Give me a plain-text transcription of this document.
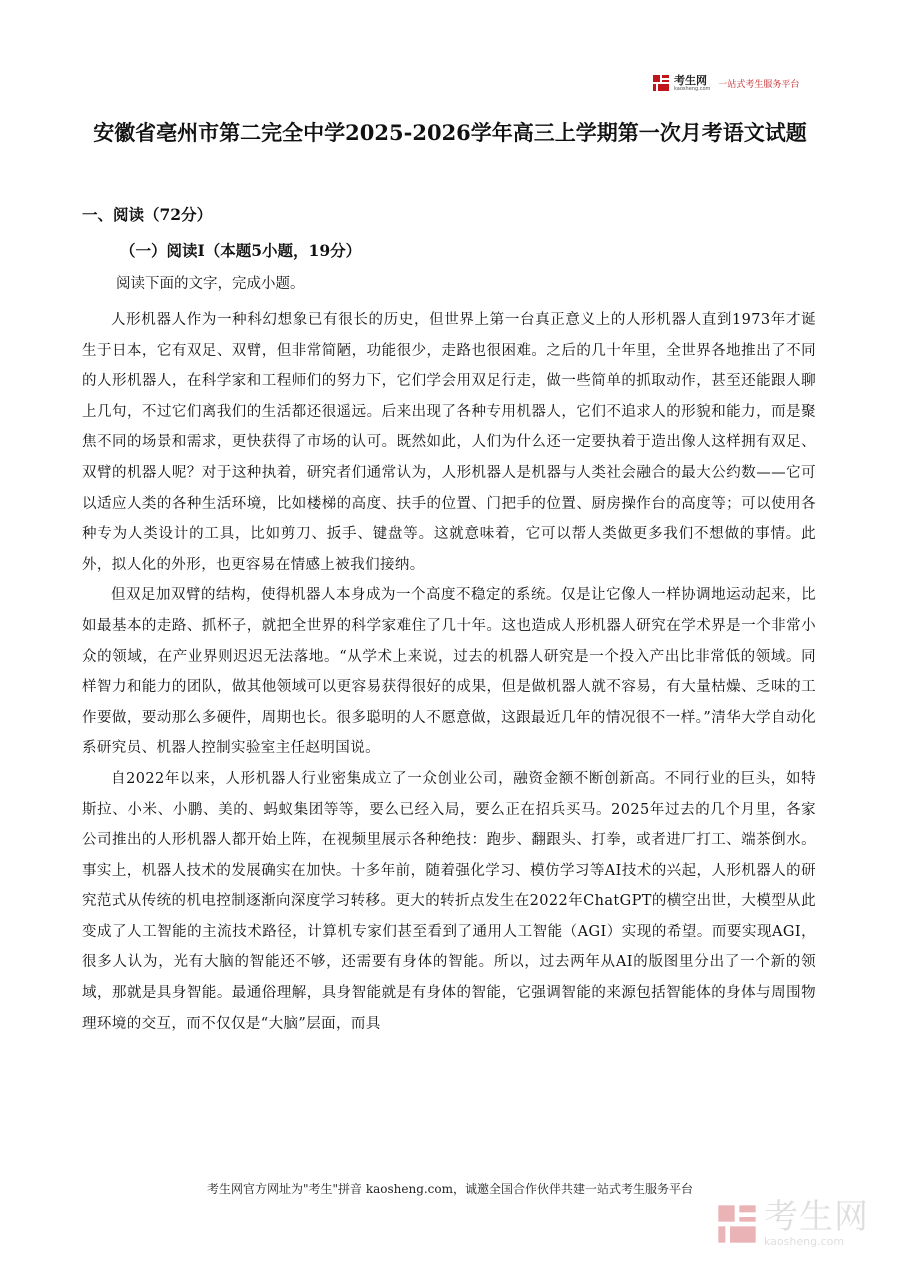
考生网
kaosheng.com 一站式考生服务平台
安徽省亳州市第二完全中学2025-2026学年高三上学期第一次月考语文试题
一、阅读（72分）
（一）阅读Ⅰ（本题5小题，19分）

阅读下面的文字，完成小题。

人形机器人作为一种科幻想象已有很长的历史，但世界上第一台真正意义上的人形机器人直到1973年才诞生于日本，它有双足、双臂，但非常简陋，功能很少，走路也很困难。之后的几十年里，全世界各地推出了不同的人形机器人，在科学家和工程师们的努力下，它们学会用双足行走，做一些简单的抓取动作，甚至还能跟人聊上几句，不过它们离我们的生活都还很遥远。后来出现了各种专用机器人，它们不追求人的形貌和能力，而是聚焦不同的场景和需求，更快获得了市场的认可。既然如此，人们为什么还一定要执着于造出像人这样拥有双足、双臂的机器人呢？对于这种执着，研究者们通常认为，人形机器人是机器与人类社会融合的最大公约数——它可以适应人类的各种生活环境，比如楼梯的高度、扶手的位置、门把手的位置、厨房操作台的高度等；可以使用各种专为人类设计的工具，比如剪刀、扳手、键盘等。这就意味着，它可以帮人类做更多我们不想做的事情。此外，拟人化的外形，也更容易在情感上被我们接纳。

但双足加双臂的结构，使得机器人本身成为一个高度不稳定的系统。仅是让它像人一样协调地运动起来，比如最基本的走路、抓杯子，就把全世界的科学家难住了几十年。这也造成人形机器人研究在学术界是一个非常小众的领域，在产业界则迟迟无法落地。“从学术上来说，过去的机器人研究是一个投入产出比非常低的领域。同样智力和能力的团队，做其他领域可以更容易获得很好的成果，但是做机器人就不容易，有大量枯燥、乏味的工作要做，要动那么多硬件，周期也长。很多聪明的人不愿意做，这跟最近几年的情况很不一样。”清华大学自动化系研究员、机器人控制实验室主任赵明国说。

自2022年以来，人形机器人行业密集成立了一众创业公司，融资金额不断创新高。不同行业的巨头，如特斯拉、小米、小鹏、美的、蚂蚁集团等等，要么已经入局，要么正在招兵买马。2025年过去的几个月里，各家公司推出的人形机器人都开始上阵，在视频里展示各种绝技：跑步、翻跟头、打拳，或者进厂打工、端茶倒水。事实上，机器人技术的发展确实在加快。十多年前，随着强化学习、模仿学习等AI技术的兴起，人形机器人的研究范式从传统的机电控制逐渐向深度学习转移。更大的转折点发生在2022年ChatGPT的横空出世，大模型从此变成了人工智能的主流技术路径，计算机专家们甚至看到了通用人工智能（AGI）实现的希望。而要实现AGI，很多人认为，光有大脑的智能还不够，还需要有身体的智能。所以，过去两年从AI的版图里分出了一个新的领域，那就是具身智能。最通俗理解，具身智能就是有身体的智能，它强调智能的来源包括智能体的身体与周围物理环境的交互，而不仅仅是“大脑”层面，而具

考生网官方网址为"考生"拼音 kaosheng.com，诚邀全国合作伙伴共建一站式考生服务平台
考生网
kaosheng.com
